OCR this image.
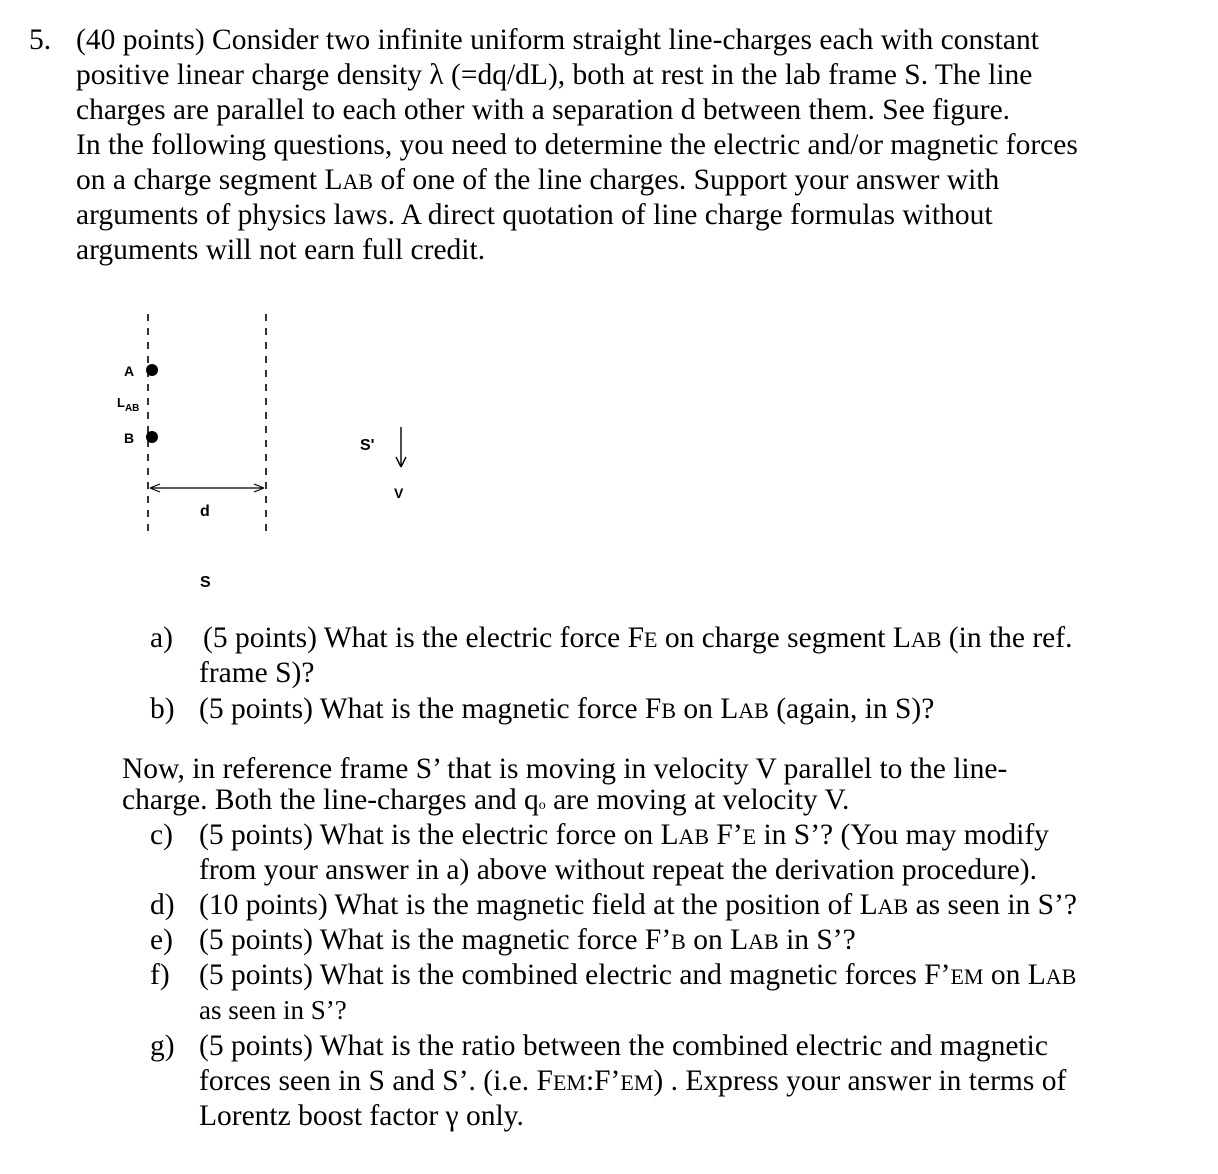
5. (40 points) Consider two infinite uniform straight line-charges each with constant
positive linear charge density λ (=dq/dL), both at rest in the lab frame S. The line
charges are parallel to each other with a separation d between them. See figure.
In the following questions, you need to determine the electric and/or magnetic forces
on a charge segment LAB of one of the line charges. Support your answer with
arguments of physics laws. A direct quotation of line charge formulas without
arguments will not earn full credit.
A
$L_{AB}$
B
d
S
S'
V
a) (5 points) What is the electric force FE on charge segment LAB (in the ref.
frame S)?
b) (5 points) What is the magnetic force FB on LAB (again, in S)?
Now, in reference frame S’ that is moving in velocity V parallel to the line-
charge. Both the line-charges and qo are moving at velocity V.
c) (5 points) What is the electric force on LAB F’E in S’? (You may modify
from your answer in a) above without repeat the derivation procedure).
d) (10 points) What is the magnetic field at the position of LAB as seen in S’?
e) (5 points) What is the magnetic force F’B on LAB in S’?
f) (5 points) What is the combined electric and magnetic forces F’EM on LAB
as seen in S’?
g) (5 points) What is the ratio between the combined electric and magnetic
forces seen in S and S’. (i.e. FEM:F’EM) . Express your answer in terms of
Lorentz boost factor γ only.
